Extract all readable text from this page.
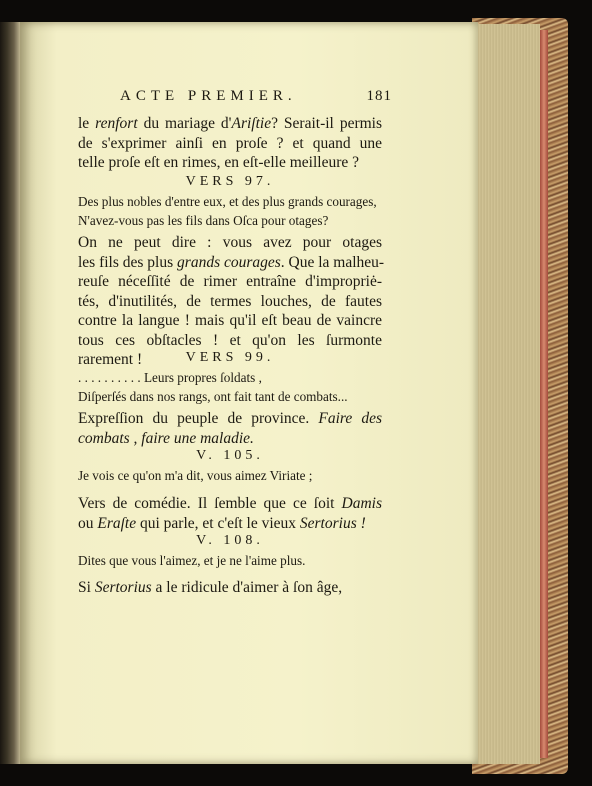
ACTE PREMIER.	181
le renfort du mariage d'Ariſtie? Serait-il permis
de s'exprimer ainſi en proſe ? et quand une
telle proſe eſt en rimes, en eſt-elle meilleure ?
VERS 97.
Des plus nobles d'entre eux, et des plus grands courages,
N'avez-vous pas les fils dans Oſca pour otages?
On ne peut dire : vous avez pour otages
les fils des plus grands courages. Que la malheu-
reuſe néceſſité de rimer entraîne d'impropriė-
tés, d'inutilités, de termes louches, de fautes
contre la langue ! mais qu'il eſt beau de vaincre
tous ces obſtacles ! et qu'on les ſurmonte
rarement !	VERS 99.
. . . . . . . . . . Leurs propres ſoldats ,
Diſperſés dans nos rangs, ont fait tant de combats...
Expreſſion du peuple de province. Faire des
combats , faire une maladie.
V. 105.
Je vois ce qu'on m'a dit, vous aimez Viriate ;
Vers de comédie. Il ſemble que ce ſoit Damis
ou Eraſte qui parle, et c'eſt le vieux Sertorius !
V. 108.
Dites que vous l'aimez, et je ne l'aime plus.
Si Sertorius a le ridicule d'aimer à ſon âge,
